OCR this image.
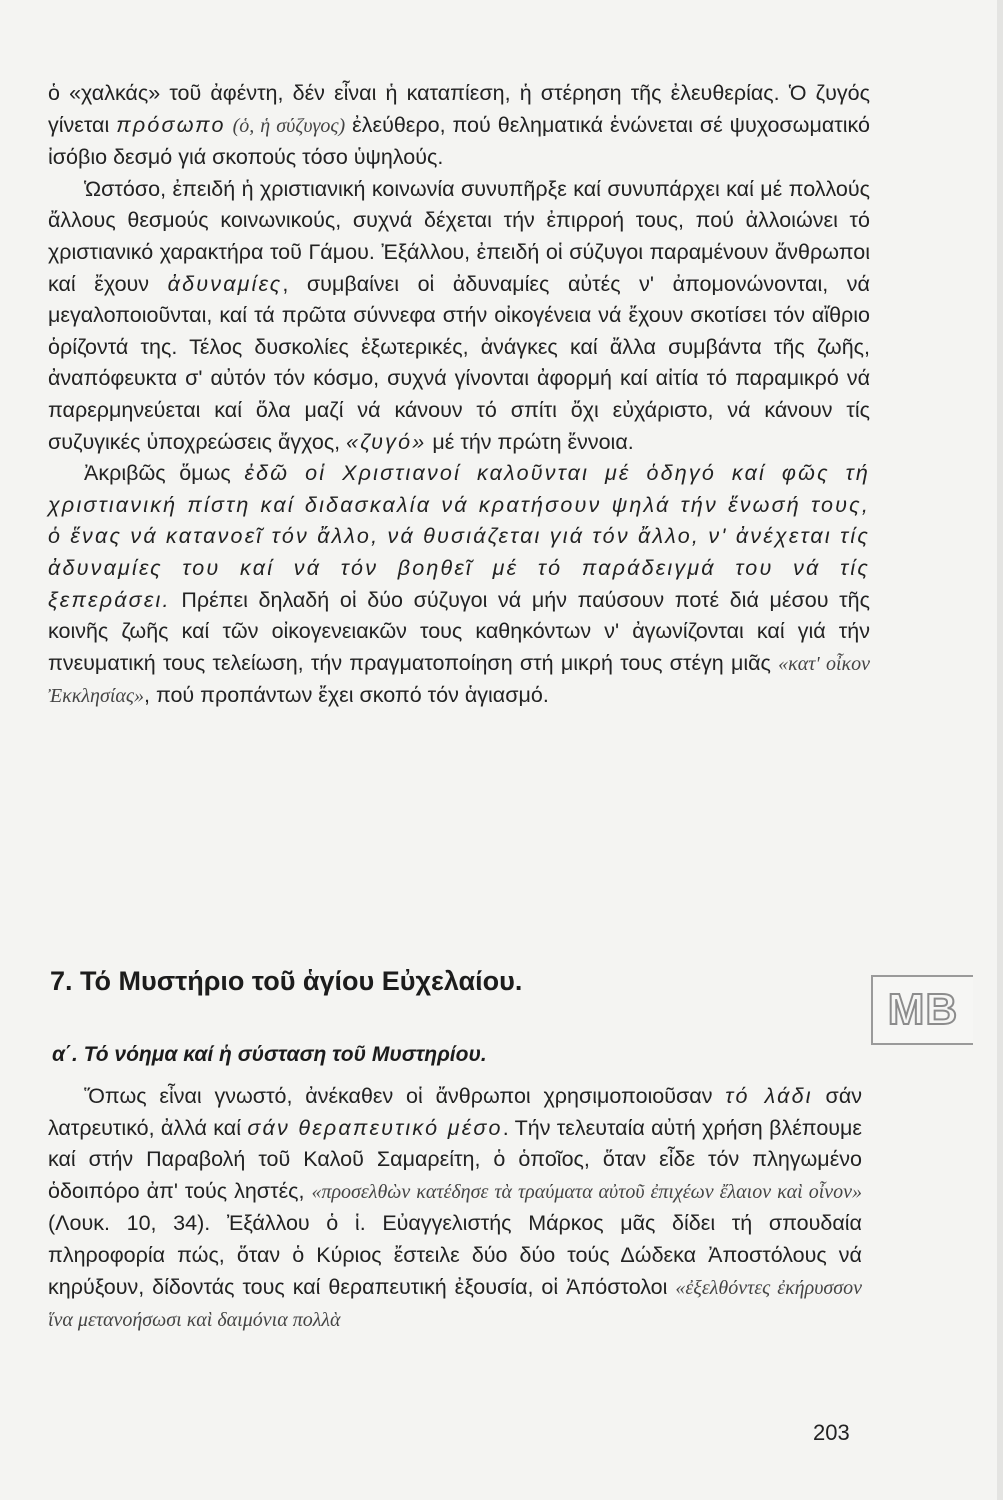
ὁ «χαλκάς» τοῦ ἀφέντη, δέν εἶναι ἡ καταπίεση, ἡ στέρηση τῆς ἐλευθερίας. Ὁ ζυγός γίνεται πρόσωπο (ὁ, ἡ σύζυγος) ἐλεύθερο, πού θεληματικά ἑνώνεται σέ ψυχοσωματικό ἰσόβιο δεσμό γιά σκοπούς τόσο ὑψηλούς.

Ὡστόσο, ἐπειδή ἡ χριστιανική κοινωνία συνυπῆρξε καί συνυπάρχει καί μέ πολλούς ἄλλους θεσμούς κοινωνικούς, συχνά δέχεται τήν ἐπιρροή τους, πού ἀλλοιώνει τό χριστιανικό χαρακτήρα τοῦ Γάμου. Ἐξάλλου, ἐπειδή οἱ σύζυγοι παραμένουν ἄνθρωποι καί ἔχουν ἀδυναμίες, συμβαίνει οἱ ἀδυναμίες αὐτές ν' ἀπομονώνονται, νά μεγαλοποιοῦνται, καί τά πρῶτα σύννεφα στήν οἰκογένεια νά ἔχουν σκοτίσει τόν αἴθριο ὁρίζοντά της. Τέλος δυσκολίες ἐξωτερικές, ἀνάγκες καί ἄλλα συμβάντα τῆς ζωῆς, ἀναπόφευκτα σ' αὐτόν τόν κόσμο, συχνά γίνονται ἀφορμή καί αἰτία τό παραμικρό νά παρερμηνεύεται καί ὅλα μαζί νά κάνουν τό σπίτι ὄχι εὐχάριστο, νά κάνουν τίς συζυγικές ὑποχρεώσεις ἄγχος, «ζυγό» μέ τήν πρώτη ἔννοια.

Ἀκριβῶς ὅμως ἐδῶ οἱ Χριστιανοί καλοῦνται μέ ὁδηγό καί φῶς τή χριστιανική πίστη καί διδασκαλία νά κρατήσουν ψηλά τήν ἕνωσή τους, ὁ ἕνας νά κατανοεῖ τόν ἄλλο, νά θυσιάζεται γιά τόν ἄλλο, ν' ἀνέχεται τίς ἀδυναμίες του καί νά τόν βοηθεῖ μέ τό παράδειγμά του νά τίς ξεπεράσει. Πρέπει δηλαδή οἱ δύο σύζυγοι νά μήν παύσουν ποτέ διά μέσου τῆς κοινῆς ζωῆς καί τῶν οἰκογενειακῶν τους καθηκόντων ν' ἀγωνίζονται καί γιά τήν πνευματική τους τελείωση, τήν πραγματοποίηση στή μικρή τους στέγη μιᾶς «κατ' οἶκον Ἐκκλησίας», πού προπάντων ἔχει σκοπό τόν ἁγιασμό.

7. Τό Μυστήριο τοῦ ἁγίου Εὐχελαίου.
MB
α΄. Τό νόημα καί ἡ σύσταση τοῦ Μυστηρίου.

Ὅπως εἶναι γνωστό, ἀνέκαθεν οἱ ἄνθρωποι χρησιμοποιοῦσαν τό λάδι σάν λατρευτικό, ἀλλά καί σάν θεραπευτικό μέσο. Τήν τελευταία αὐτή χρήση βλέπουμε καί στήν Παραβολή τοῦ Καλοῦ Σαμαρείτη, ὁ ὁποῖος, ὅταν εἶδε τόν πληγωμένο ὁδοιπόρο ἀπ' τούς ληστές, «προσελθὼν κατέδησε τὰ τραύματα αὐτοῦ ἐπιχέων ἔλαιον καὶ οἶνον» (Λουκ. 10, 34). Ἐξάλλου ὁ ἱ. Εὐαγγελιστής Μάρκος μᾶς δίδει τή σπουδαία πληροφορία πώς, ὅταν ὁ Κύριος ἔστειλε δύο δύο τούς Δώδεκα Ἀποστόλους νά κηρύξουν, δίδοντάς τους καί θεραπευτική ἐξουσία, οἱ Ἀπόστολοι «ἐξελθόντες ἐκήρυσσον ἵνα μετανοήσωσι καὶ δαιμόνια πολλὰ

203
